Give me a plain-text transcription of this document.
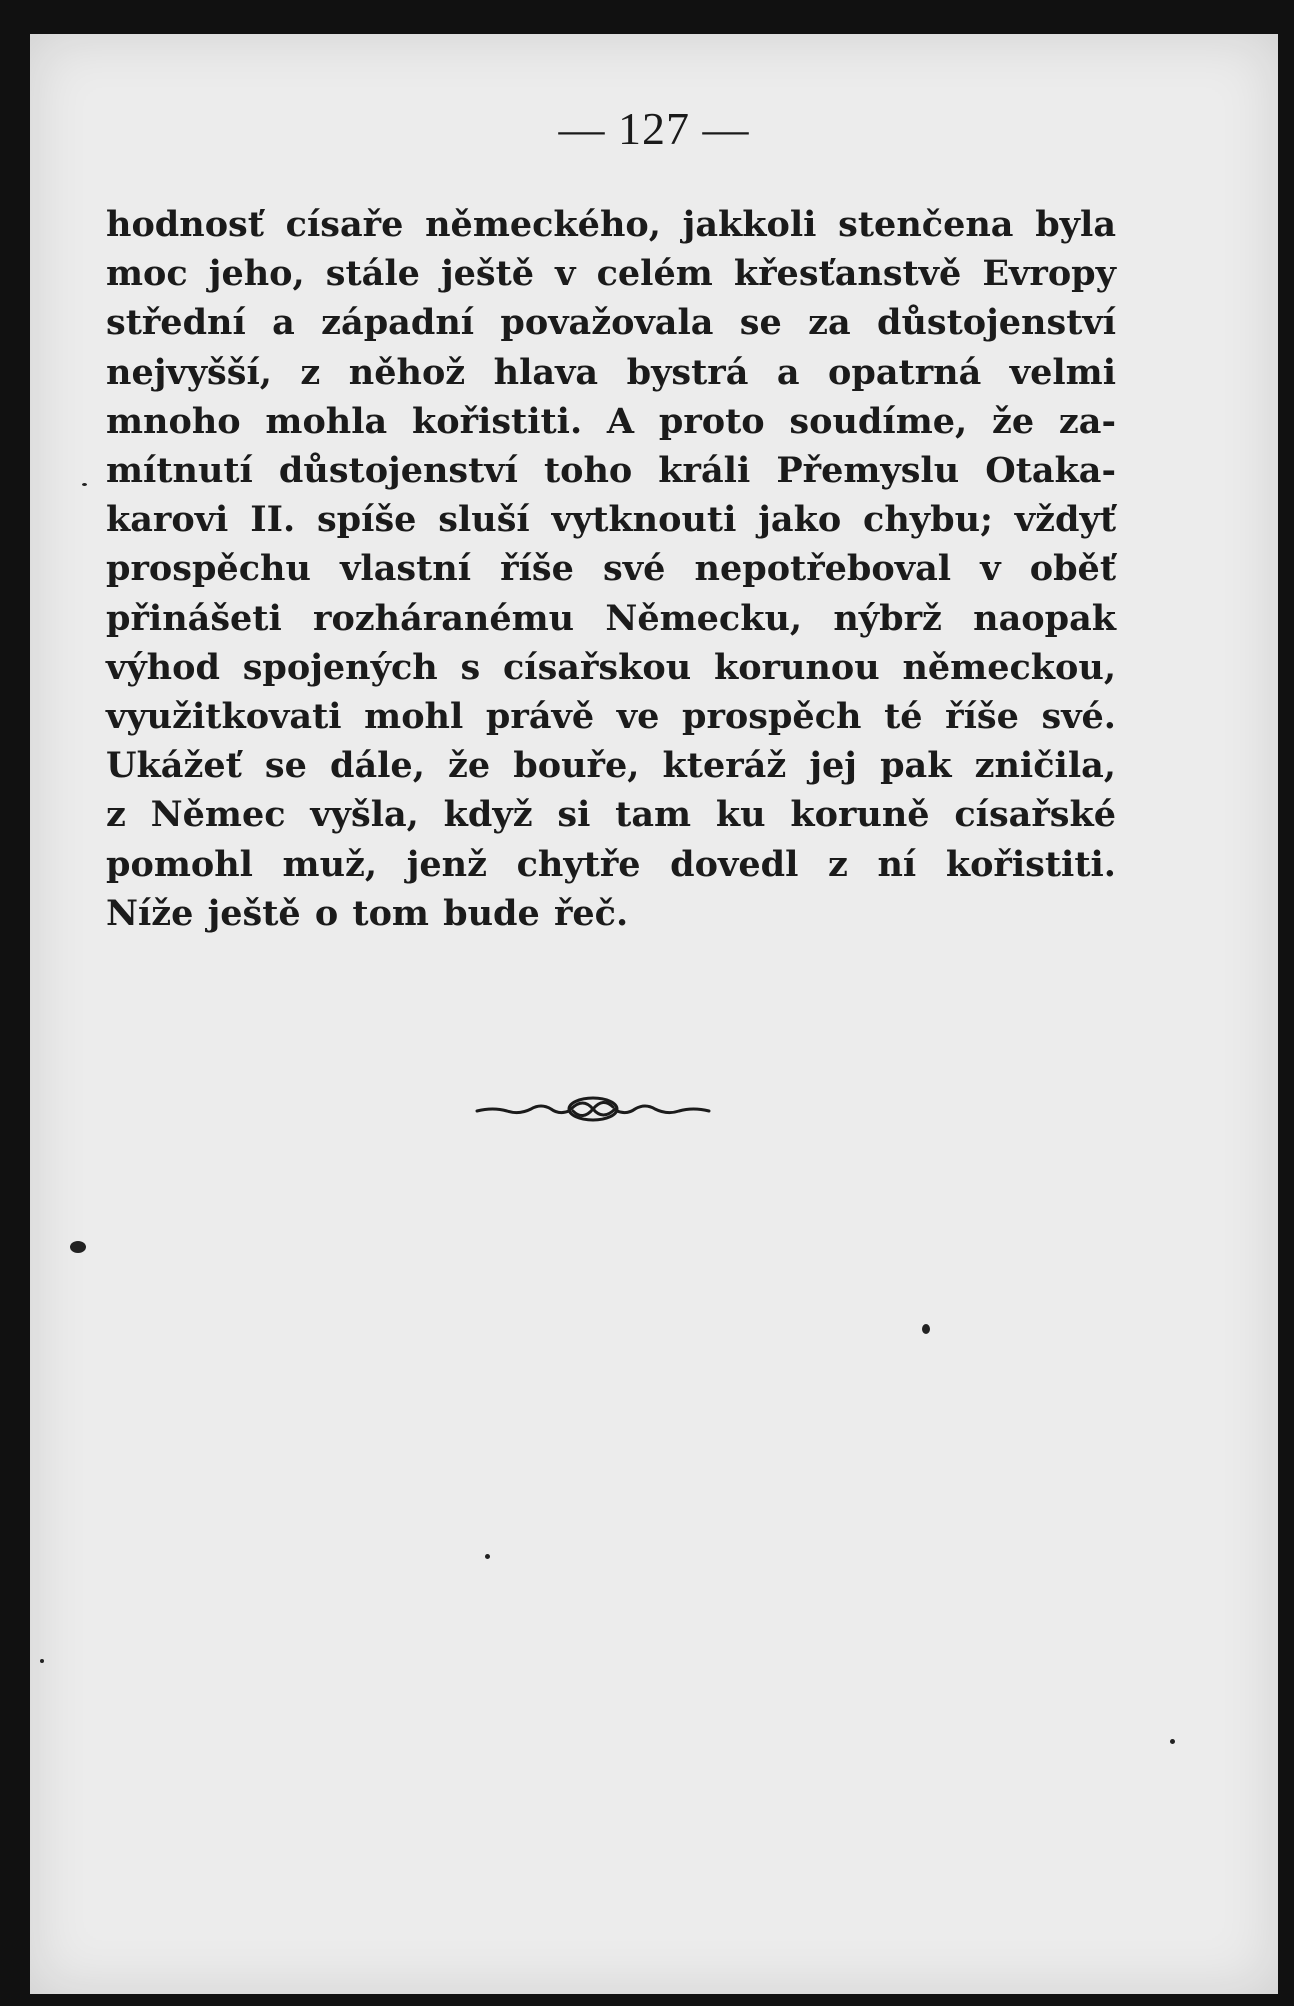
— 127 —
hodnosť císaře německého, jakkoli stenčena byla
moc jeho, stále ještě v celém křesťanstvě Evropy
střední a západní považovala se za důstojenství
nejvyšší, z něhož hlava bystrá a opatrná velmi
mnoho mohla kořistiti. A proto soudíme, že za-
mítnutí důstojenství toho králi Přemyslu Otaka-
karovi II. spíše sluší vytknouti jako chybu; vždyť
prospěchu vlastní říše své nepotřeboval v oběť
přinášeti rozháranému Německu, nýbrž naopak
výhod spojených s císařskou korunou německou,
využitkovati mohl právě ve prospěch té říše své.
Ukážeť se dále, že bouře, kteráž jej pak zničila,
z Němec vyšla, když si tam ku koruně císařské
pomohl muž, jenž chytře dovedl z ní kořistiti.
Níže ještě o tom bude řeč.
